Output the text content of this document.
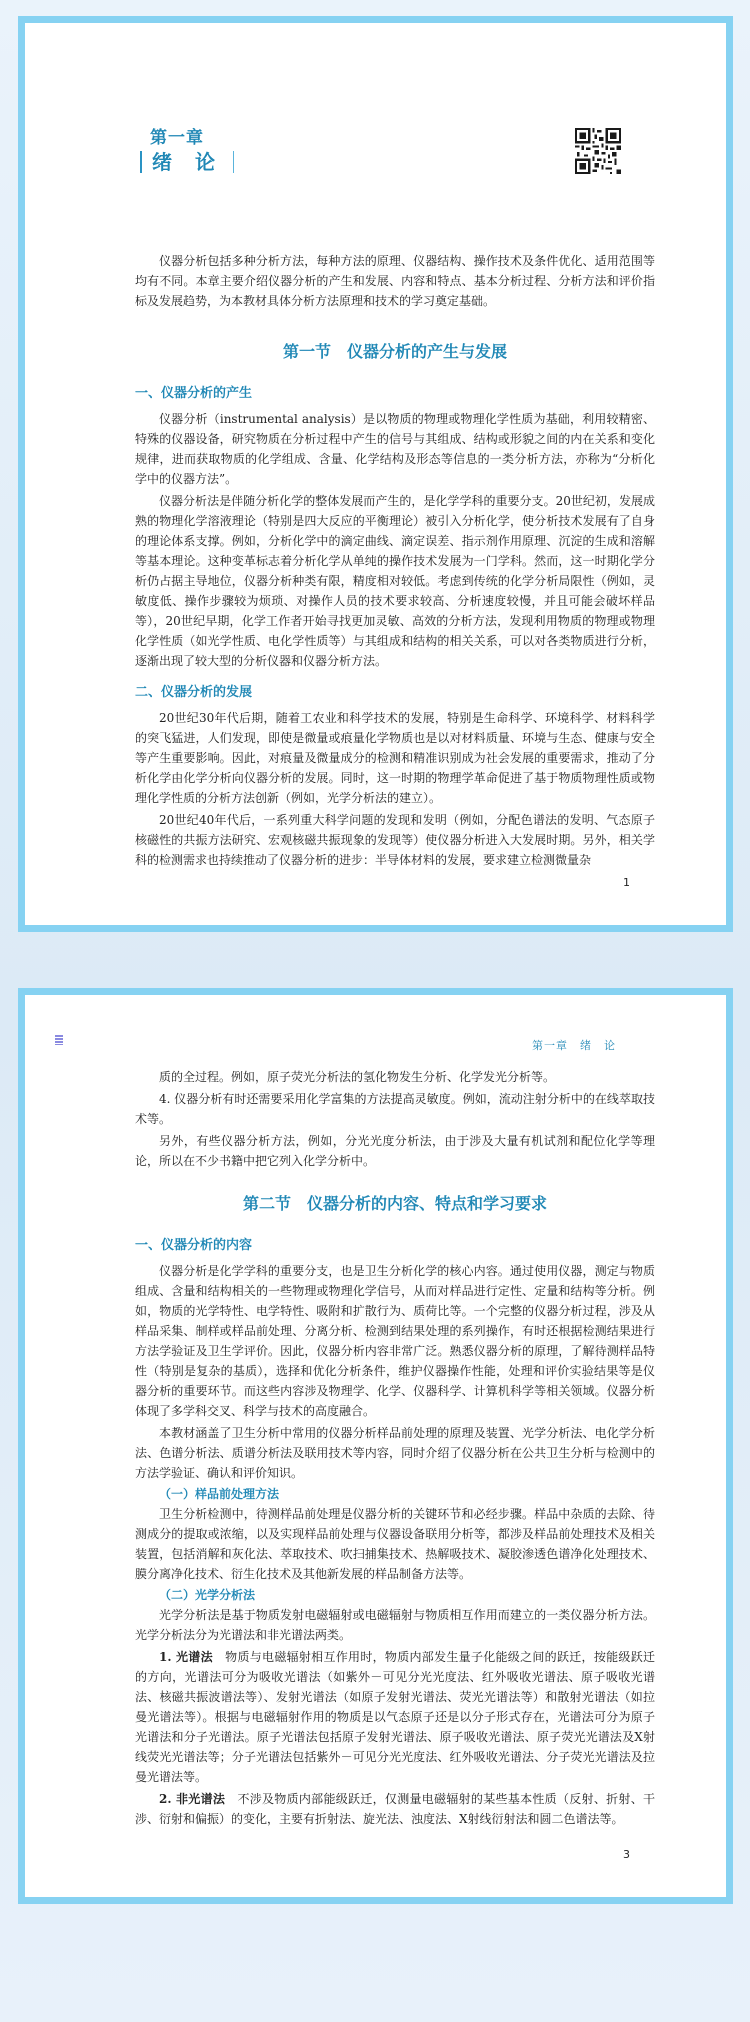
第一章
绪 论

仪器分析包括多种分析方法，每种方法的原理、仪器结构、操作技术及条件优化、适用范围等均有不同。本章主要介绍仪器分析的产生和发展、内容和特点、基本分析过程、分析方法和评价指标及发展趋势，为本教材具体分析方法原理和技术的学习奠定基础。

第一节　仪器分析的产生与发展
一、仪器分析的产生

仪器分析（instrumental analysis）是以物质的物理或物理化学性质为基础，利用较精密、特殊的仪器设备，研究物质在分析过程中产生的信号与其组成、结构或形貌之间的内在关系和变化规律，进而获取物质的化学组成、含量、化学结构及形态等信息的一类分析方法，亦称为“分析化学中的仪器方法”。

仪器分析法是伴随分析化学的整体发展而产生的，是化学学科的重要分支。20世纪初，发展成熟的物理化学溶液理论（特别是四大反应的平衡理论）被引入分析化学，使分析技术发展有了自身的理论体系支撑。例如，分析化学中的滴定曲线、滴定误差、指示剂作用原理、沉淀的生成和溶解等基本理论。这种变革标志着分析化学从单纯的操作技术发展为一门学科。然而，这一时期化学分析仍占据主导地位，仪器分析种类有限，精度相对较低。考虑到传统的化学分析局限性（例如，灵敏度低、操作步骤较为烦琐、对操作人员的技术要求较高、分析速度较慢，并且可能会破坏样品等），20世纪早期，化学工作者开始寻找更加灵敏、高效的分析方法，发现利用物质的物理或物理化学性质（如光学性质、电化学性质等）与其组成和结构的相关关系，可以对各类物质进行分析，逐渐出现了较大型的分析仪器和仪器分析方法。

二、仪器分析的发展

20世纪30年代后期，随着工农业和科学技术的发展，特别是生命科学、环境科学、材料科学的突飞猛进，人们发现，即使是微量或痕量化学物质也是以对材料质量、环境与生态、健康与安全等产生重要影响。因此，对痕量及微量成分的检测和精准识别成为社会发展的重要需求，推动了分析化学由化学分析向仪器分析的发展。同时，这一时期的物理学革命促进了基于物质物理性质或物理化学性质的分析方法创新（例如，光学分析法的建立）。

20世纪40年代后，一系列重大科学问题的发现和发明（例如，分配色谱法的发明、气态原子核磁性的共振方法研究、宏观核磁共振现象的发现等）使仪器分析进入大发展时期。另外，相关学科的检测需求也持续推动了仪器分析的进步：半导体材料的发展，要求建立检测微量杂

1
第一章　绪　论

质的全过程。例如，原子荧光分析法的氢化物发生分析、化学发光分析等。

4. 仪器分析有时还需要采用化学富集的方法提高灵敏度。例如，流动注射分析中的在线萃取技术等。

另外，有些仪器分析方法，例如，分光光度分析法，由于涉及大量有机试剂和配位化学等理论，所以在不少书籍中把它列入化学分析中。

第二节　仪器分析的内容、特点和学习要求
一、仪器分析的内容

仪器分析是化学学科的重要分支，也是卫生分析化学的核心内容。通过使用仪器，测定与物质组成、含量和结构相关的一些物理或物理化学信号，从而对样品进行定性、定量和结构等分析。例如，物质的光学特性、电学特性、吸附和扩散行为、质荷比等。一个完整的仪器分析过程，涉及从样品采集、制样或样品前处理、分离分析、检测到结果处理的系列操作，有时还根据检测结果进行方法学验证及卫生学评价。因此，仪器分析内容非常广泛。熟悉仪器分析的原理，了解待测样品特性（特别是复杂的基质），选择和优化分析条件，维护仪器操作性能，处理和评价实验结果等是仪器分析的重要环节。而这些内容涉及物理学、化学、仪器科学、计算机科学等相关领域。仪器分析体现了多学科交叉、科学与技术的高度融合。

本教材涵盖了卫生分析中常用的仪器分析样品前处理的原理及装置、光学分析法、电化学分析法、色谱分析法、质谱分析法及联用技术等内容，同时介绍了仪器分析在公共卫生分析与检测中的方法学验证、确认和评价知识。

（一）样品前处理方法

卫生分析检测中，待测样品前处理是仪器分析的关键环节和必经步骤。样品中杂质的去除、待测成分的提取或浓缩，以及实现样品前处理与仪器设备联用分析等，都涉及样品前处理技术及相关装置，包括消解和灰化法、萃取技术、吹扫捕集技术、热解吸技术、凝胶渗透色谱净化处理技术、膜分离净化技术、衍生化技术及其他新发展的样品制备方法等。

（二）光学分析法

光学分析法是基于物质发射电磁辐射或电磁辐射与物质相互作用而建立的一类仪器分析方法。光学分析法分为光谱法和非光谱法两类。

1. 光谱法　物质与电磁辐射相互作用时，物质内部发生量子化能级之间的跃迁，按能级跃迁的方向，光谱法可分为吸收光谱法（如紫外－可见分光光度法、红外吸收光谱法、原子吸收光谱法、核磁共振波谱法等）、发射光谱法（如原子发射光谱法、荧光光谱法等）和散射光谱法（如拉曼光谱法等）。根据与电磁辐射作用的物质是以气态原子还是以分子形式存在，光谱法可分为原子光谱法和分子光谱法。原子光谱法包括原子发射光谱法、原子吸收光谱法、原子荧光光谱法及X射线荧光光谱法等；分子光谱法包括紫外－可见分光光度法、红外吸收光谱法、分子荧光光谱法及拉曼光谱法等。

2. 非光谱法　不涉及物质内部能级跃迁，仅测量电磁辐射的某些基本性质（反射、折射、干涉、衍射和偏振）的变化，主要有折射法、旋光法、浊度法、X射线衍射法和圆二色谱法等。

3
